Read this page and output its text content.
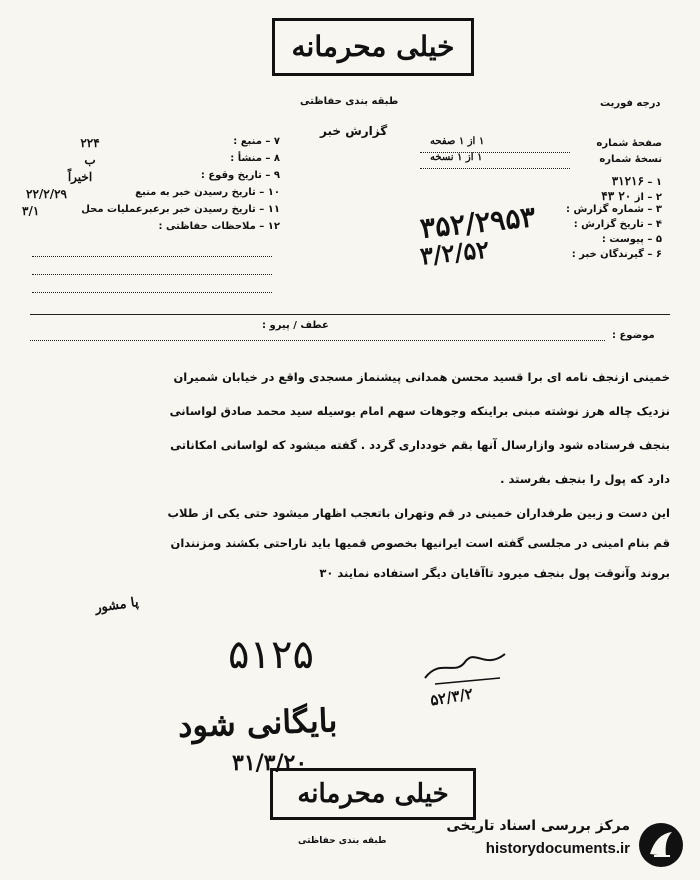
خیلی محرمانه
طبقه بندی حفاظتی	درجه فوریت
گزارش خبر
صفحهٔ شماره
۱ از ۱ صفحه
نسخهٔ شماره
۱ از ۱ نسخه
۱ – ۳۱۲۱۶
۲ – از ۲۰ ۴۳
۳ – شماره گزارش :
۴ – تاریخ گزارش :
۵ – پیوست :
۶ – گیرندگان خبر :
۳۵۲/۲۹۵۳
۳/۲/۵۲
۷ – منبع :
۲۲۴
۸ – منشأ :
ب
۹ – تاریخ وقوع :
اخیراً
۱۰ – تاریخ رسیدن خبر به منبع
۲۲/۲/۲۹
۱۱ – تاریخ رسیدن خبر برعبرعملیات محل
۳/۱
۱۲ – ملاحظات حفاظتی :
عطف / پیرو :
موضوع :
خمینی ازنجف نامه ای برا قسید محسن همدانی پیشنماز مسجدی واقع در خیابان شمیران
نزدیک چاله هرز نوشته مبنی براینکه وجوهات سهم امام بوسیله سید محمد صادق لواسانی
بنجف فرستاده شود وازارسال آنها بقم خودداری گردد . گفته میشود که لواسانی امکاناتی
دارد که پول را بنجف بفرستد .
این دست و زبین طرفداران خمینی در قم وتهران باتعجب اظهار میشود حتی یکی از طلاب
قم بنام امینی در مجلسی گفته است ایرانیها بخصوص قمیها باید ناراحتی بکشند ومزنندان
بروند وآنوقت پول بنجف میرود تاآقایان دیگر استفاده نمایند ۳۰
پا مشور
۵۱۲۵
۵۲/۳/۲
بایگانی شود
۳۱/۳/۲۰
خیلی محرمانه
طبقه بندی حفاظتی
مرکز بررسی اسناد تاریخی
historydocuments.ir
